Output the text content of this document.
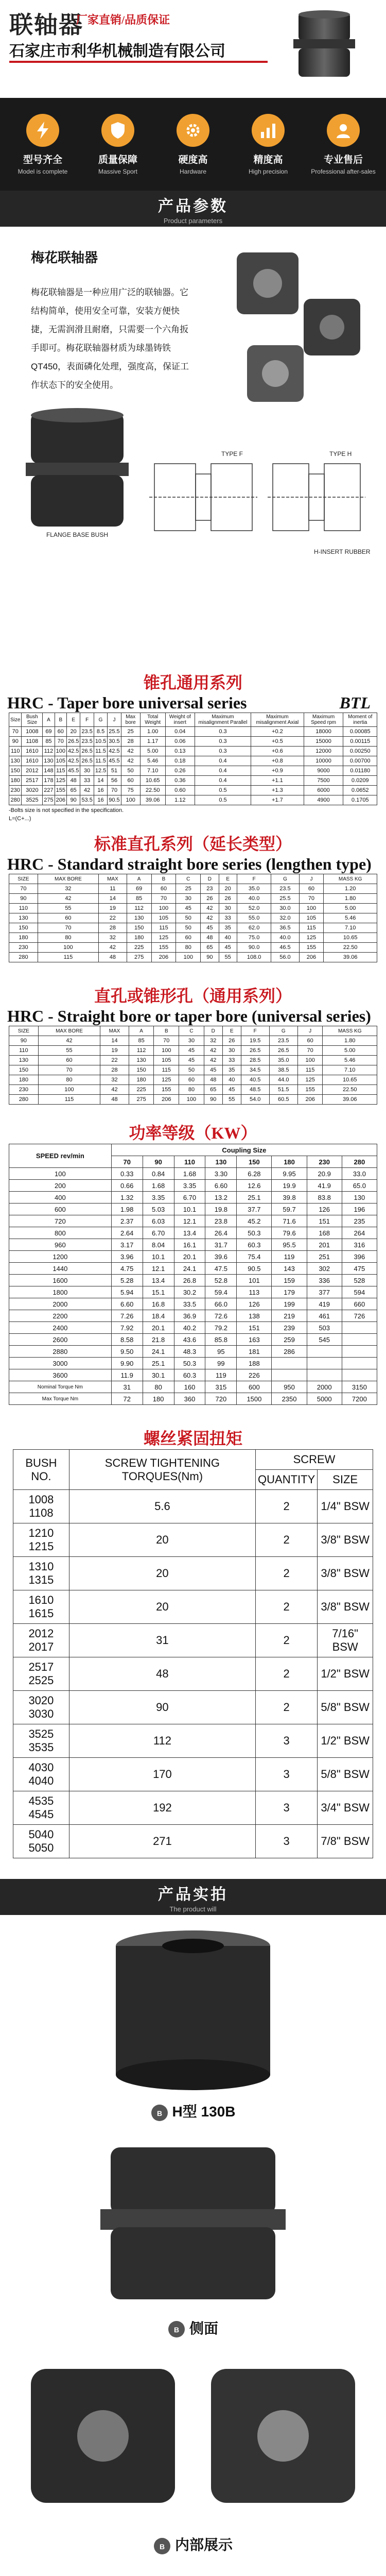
联轴器
厂家直销/品质保证
石家庄市利华机械制造有限公司
型号齐全
Model is complete
质量保障
Massive Sport
硬度高
Hardware
精度高
High precision
专业售后
Professional after-sales
产品参数
Product parameters
梅花联轴器
梅花联轴器是一种应用广泛的联轴器。它结构简单，使用安全可靠，安装方便快捷，无需润滑且耐磨，只需要一个六角扳手即可。梅花联轴器材质为球墨铸铁QT450，表面磷化处理，强度高，保证工作状态下的安全使用。
FLANGE BASE BUSH
TYPE F	TYPE H
H-INSERT RUBBER
锥孔通用系列
HRC - Taper bore universal series	BTL
Size	Bush Size	A	B	E	F	G	J	Max bore	Total Weight	Weight of insert	Maximum misalignment Parallel	Maximum misalignment Axial	Maximum Speed rpm	Moment of inertia
70	1008	69	60	20	23.5	8.5	25.5	25	1.00	0.04	0.3	+0.2	18000	0.00085
90	1108	85	70	26.5	23.5	10.5	30.5	28	1.17	0.06	0.3	+0.5	15000	0.00115
110	1610	112	100	42.5	26.5	11.5	42.5	42	5.00	0.13	0.3	+0.6	12000	0.00250
130	1610	130	105	42.5	26.5	11.5	45.5	42	5.46	0.18	0.4	+0.8	10000	0.00700
150	2012	148	115	45.5	30	12.5	51	50	7.10	0.26	0.4	+0.9	9000	0.01180
180	2517	178	125	48	33	14	56	60	10.65	0.36	0.4	+1.1	7500	0.0209
230	3020	227	155	65	42	16	70	75	22.50	0.60	0.5	+1.3	6000	0.0652
280	3525	275	206	90	53.5	16	90.5	100	39.06	1.12	0.5	+1.7	4900	0.1705
-Bolts size is not specified in the specification.
L=(C+...)
标准直孔系列（延长类型）
HRC - Standard straight bore series (lengthen type)
SIZE	MAX BORE	MAX	A	B	C	D	E	F	G	J	MASS KG
70	32	11	69	60	25	23	20	35.0	23.5	60	1.20
90	42	14	85	70	30	26	26	40.0	25.5	70	1.80
110	55	19	112	100	45	42	30	52.0	30.0	100	5.00
130	60	22	130	105	50	42	33	55.0	32.0	105	5.46
150	70	28	150	115	50	45	35	62.0	36.5	115	7.10
180	80	32	180	125	60	48	40	75.0	40.0	125	10.65
230	100	42	225	155	80	65	45	90.0	46.5	155	22.50
280	115	48	275	206	100	90	55	108.0	56.0	206	39.06
直孔或锥形孔（通用系列）
HRC - Straight bore or taper bore (universal series)
SIZE	MAX BORE	MAX	A	B	C	D	E	F	G	J	MASS KG
90	42	14	85	70	30	32	26	19.5	23.5	60	1.80
110	55	19	112	100	45	42	30	26.5	26.5	70	5.00
130	60	22	130	105	45	42	33	28.5	35.0	100	5.46
150	70	28	150	115	50	45	35	34.5	38.5	115	7.10
180	80	32	180	125	60	48	40	40.5	44.0	125	10.65
230	100	42	225	155	80	65	45	48.5	51.5	155	22.50
280	115	48	275	206	100	90	55	54.0	60.5	206	39.06
功率等级（KW）
SPEED rev/min	Coupling Size							
	70	90	110	130	150	180	230	280
100	0.33	0.84	1.68	3.30	6.28	9.95	20.9	33.0
200	0.66	1.68	3.35	6.60	12.6	19.9	41.9	65.0
400	1.32	3.35	6.70	13.2	25.1	39.8	83.8	130
600	1.98	5.03	10.1	19.8	37.7	59.7	126	196
720	2.37	6.03	12.1	23.8	45.2	71.6	151	235
800	2.64	6.70	13.4	26.4	50.3	79.6	168	264
960	3.17	8.04	16.1	31.7	60.3	95.5	201	316
1200	3.96	10.1	20.1	39.6	75.4	119	251	396
1440	4.75	12.1	24.1	47.5	90.5	143	302	475
1600	5.28	13.4	26.8	52.8	101	159	336	528
1800	5.94	15.1	30.2	59.4	113	179	377	594
2000	6.60	16.8	33.5	66.0	126	199	419	660
2200	7.26	18.4	36.9	72.6	138	219	461	726
2400	7.92	20.1	40.2	79.2	151	239	503	
2600	8.58	21.8	43.6	85.8	163	259	545	
2880	9.50	24.1	48.3	95	181	286		
3000	9.90	25.1	50.3	99	188			
3600	11.9	30.1	60.3	119	226			
Nominal Torque Nm	31	80	160	315	600	950	2000	3150
Max Torque Nm	72	180	360	720	1500	2350	5000	7200
螺丝紧固扭矩
BUSH NO.	SCREW TIGHTENING TORQUES(Nm)	SCREW	
		QUANTITY	SIZE
1008
1108	5.6	2	1/4" BSW
1210
1215	20	2	3/8" BSW
1310
1315	20	2	3/8" BSW
1610
1615	20	2	3/8" BSW
2012
2017	31	2	7/16" BSW
2517
2525	48	2	1/2" BSW
3020
3030	90	2	5/8" BSW
3525
3535	112	3	1/2" BSW
4030
4040	170	3	5/8" BSW
4535
4545	192	3	3/4" BSW
5040
5050	271	3	7/8" BSW
产品实拍
The product will
B H型 130B
B 侧面
B 内部展示
